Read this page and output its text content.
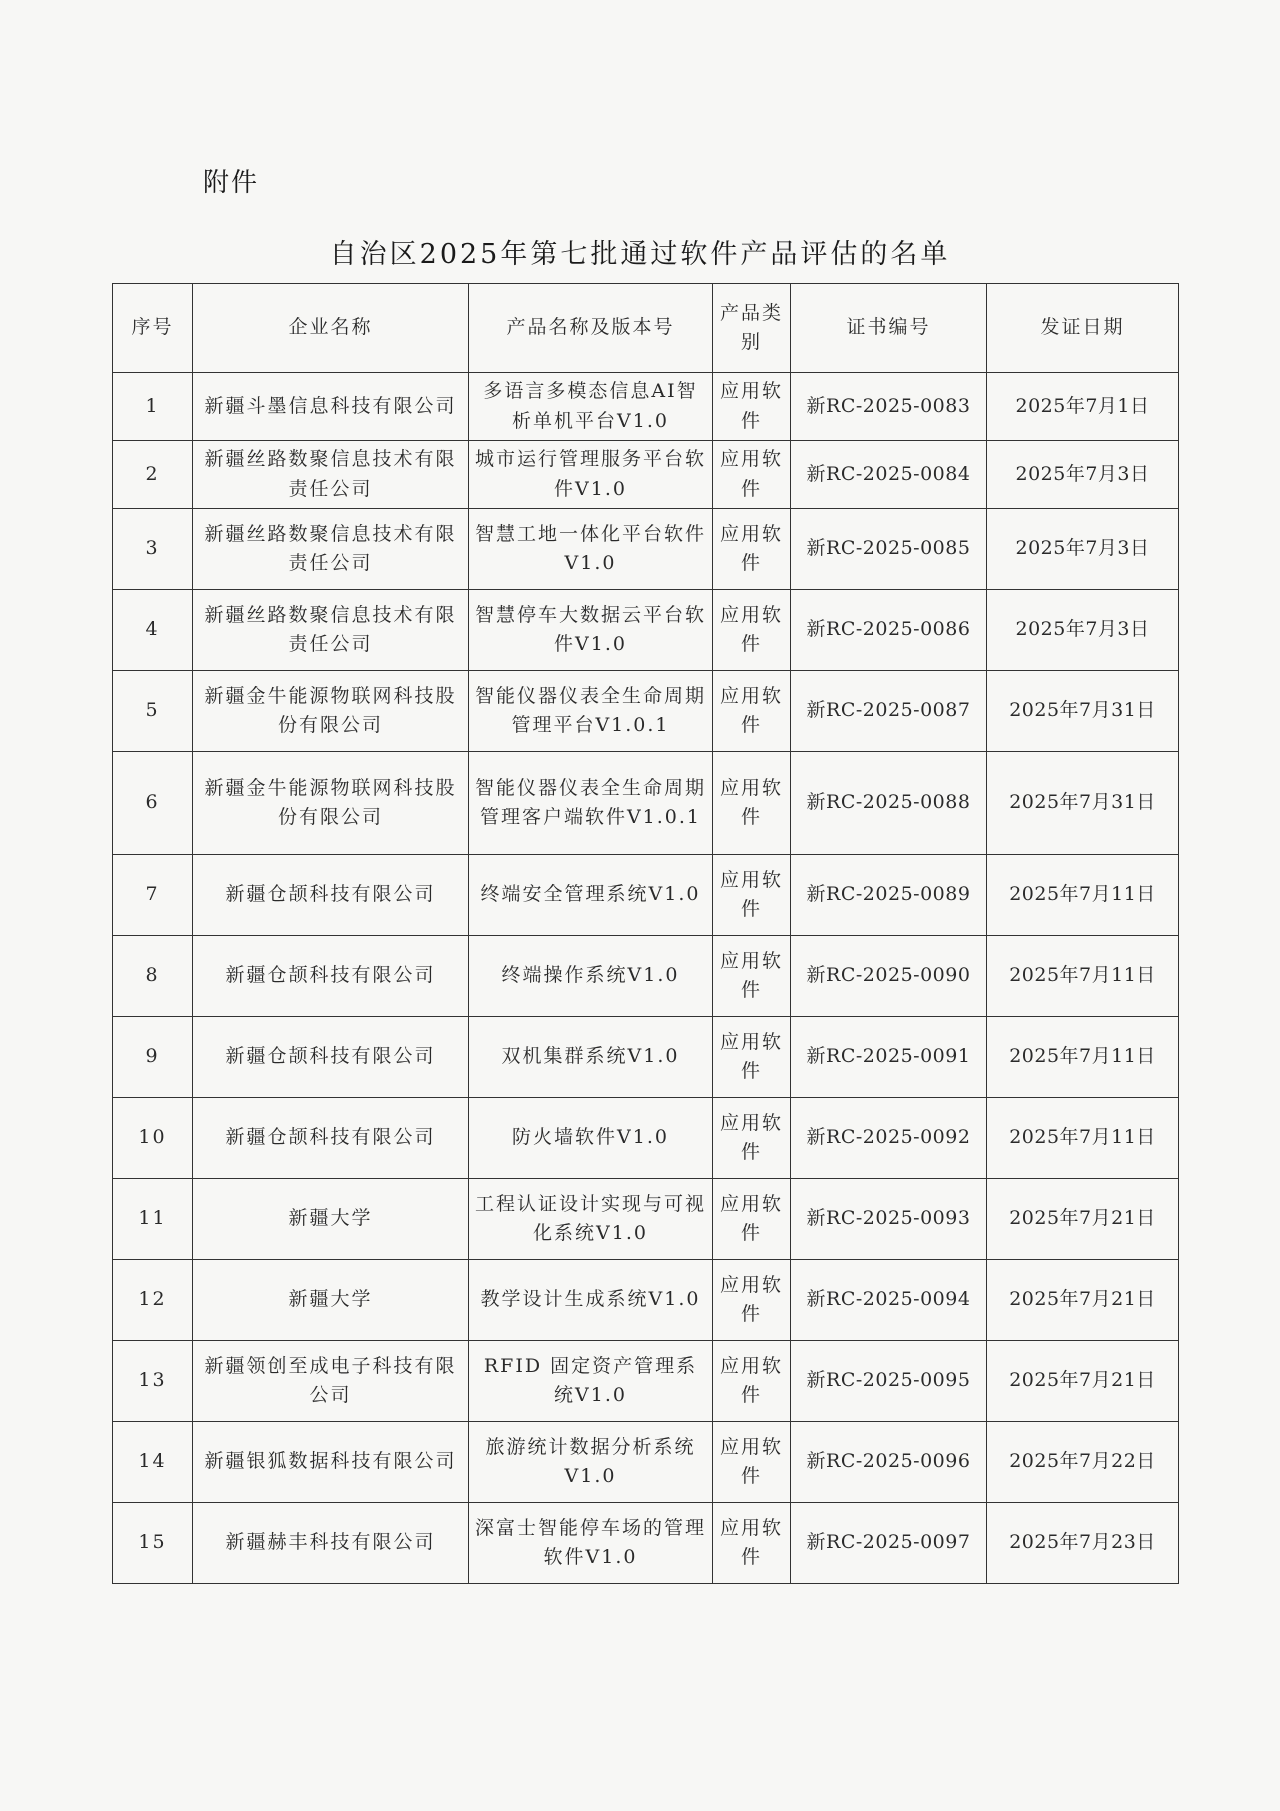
附件
自治区2025年第七批通过软件产品评估的名单
序号	企业名称	产品名称及版本号	产品类别	证书编号	发证日期
1	新疆斗墨信息科技有限公司	多语言多模态信息AI智析单机平台V1.0	应用软件	新RC-2025-0083	2025年7月1日
2	新疆丝路数聚信息技术有限责任公司	城市运行管理服务平台软件V1.0	应用软件	新RC-2025-0084	2025年7月3日
3	新疆丝路数聚信息技术有限责任公司	智慧工地一体化平台软件V1.0	应用软件	新RC-2025-0085	2025年7月3日
4	新疆丝路数聚信息技术有限责任公司	智慧停车大数据云平台软件V1.0	应用软件	新RC-2025-0086	2025年7月3日
5	新疆金牛能源物联网科技股份有限公司	智能仪器仪表全生命周期管理平台V1.0.1	应用软件	新RC-2025-0087	2025年7月31日
6	新疆金牛能源物联网科技股份有限公司	智能仪器仪表全生命周期管理客户端软件V1.0.1	应用软件	新RC-2025-0088	2025年7月31日
7	新疆仓颉科技有限公司	终端安全管理系统V1.0	应用软件	新RC-2025-0089	2025年7月11日
8	新疆仓颉科技有限公司	终端操作系统V1.0	应用软件	新RC-2025-0090	2025年7月11日
9	新疆仓颉科技有限公司	双机集群系统V1.0	应用软件	新RC-2025-0091	2025年7月11日
10	新疆仓颉科技有限公司	防火墙软件V1.0	应用软件	新RC-2025-0092	2025年7月11日
11	新疆大学	工程认证设计实现与可视化系统V1.0	应用软件	新RC-2025-0093	2025年7月21日
12	新疆大学	教学设计生成系统V1.0	应用软件	新RC-2025-0094	2025年7月21日
13	新疆领创至成电子科技有限公司	RFID 固定资产管理系统V1.0	应用软件	新RC-2025-0095	2025年7月21日
14	新疆银狐数据科技有限公司	旅游统计数据分析系统V1.0	应用软件	新RC-2025-0096	2025年7月22日
15	新疆赫丰科技有限公司	深富士智能停车场的管理软件V1.0	应用软件	新RC-2025-0097	2025年7月23日
